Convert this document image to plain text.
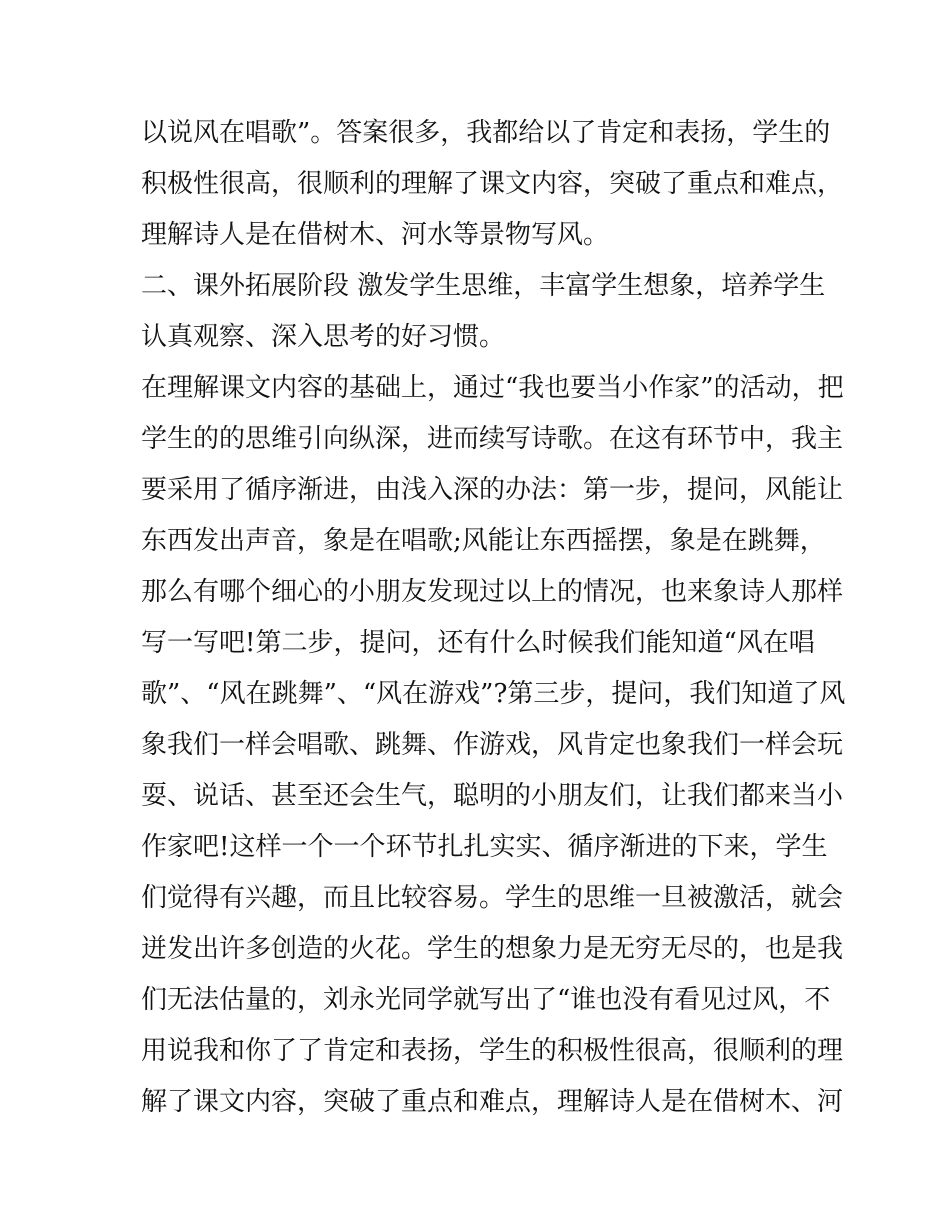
以说风在唱歌”。答案很多，我都给以了肯定和表扬，学生的
积极性很高，很顺利的理解了课文内容，突破了重点和难点，
理解诗人是在借树木、河水等景物写风。
二、课外拓展阶段 激发学生思维，丰富学生想象，培养学生
认真观察、深入思考的好习惯。
在理解课文内容的基础上，通过“我也要当小作家”的活动，把
学生的的思维引向纵深，进而续写诗歌。在这有环节中，我主
要采用了循序渐进，由浅入深的办法：第一步，提问，风能让
东西发出声音，象是在唱歌;风能让东西摇摆，象是在跳舞，
那么有哪个细心的小朋友发现过以上的情况，也来象诗人那样
写一写吧!第二步，提问，还有什么时候我们能知道“风在唱
歌”、“风在跳舞”、“风在游戏”?第三步，提问，我们知道了风
象我们一样会唱歌、跳舞、作游戏，风肯定也象我们一样会玩
耍、说话、甚至还会生气，聪明的小朋友们，让我们都来当小
作家吧!这样一个一个环节扎扎实实、循序渐进的下来，学生
们觉得有兴趣，而且比较容易。学生的思维一旦被激活，就会
迸发出许多创造的火花。学生的想象力是无穷无尽的，也是我
们无法估量的，刘永光同学就写出了“谁也没有看见过风，不
用说我和你了了肯定和表扬，学生的积极性很高，很顺利的理
解了课文内容，突破了重点和难点，理解诗人是在借树木、河
